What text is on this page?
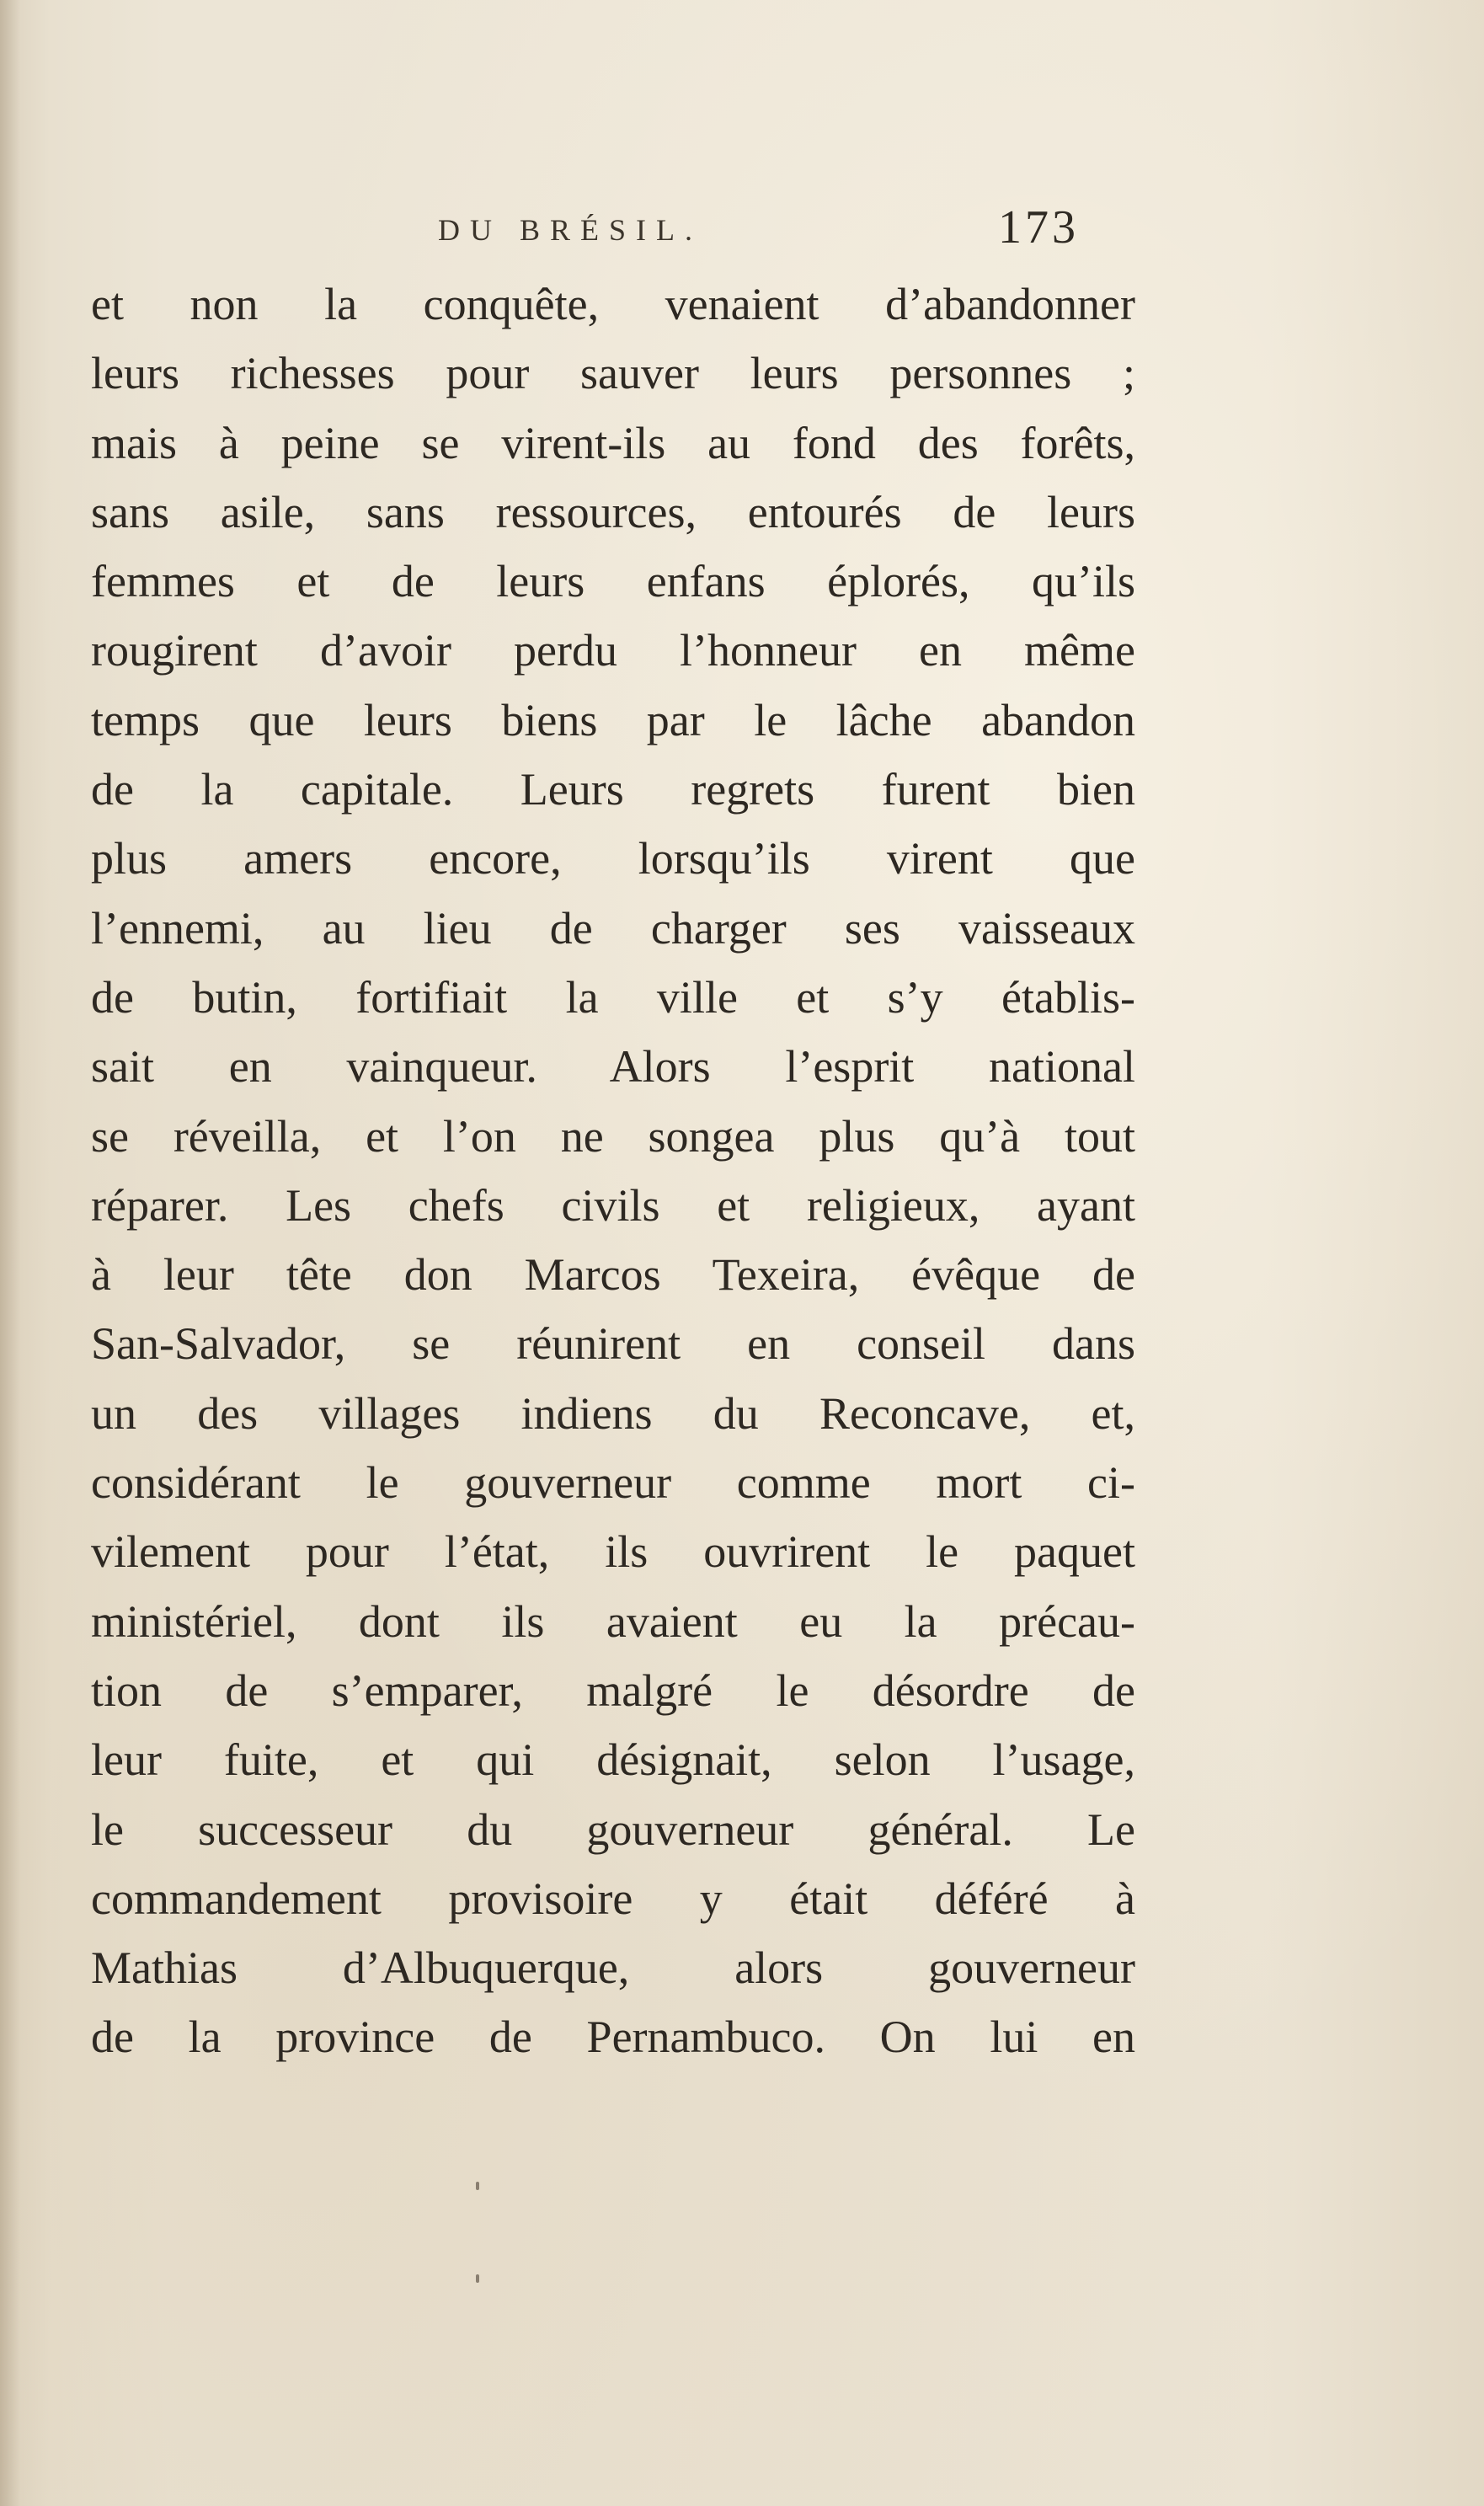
DU BRÉSIL.	173
et non la conquête, venaient d’abandonner
leurs richesses pour sauver leurs personnes ;
mais à peine se virent-ils au fond des forêts,
sans asile, sans ressources, entourés de leurs
femmes et de leurs enfans éplorés, qu’ils
rougirent d’avoir perdu l’honneur en même
temps que leurs biens par le lâche abandon
de la capitale. Leurs regrets furent bien
plus amers encore, lorsqu’ils virent que
l’ennemi, au lieu de charger ses vaisseaux
de butin, fortifiait la ville et s’y établis-
sait en vainqueur. Alors l’esprit national
se réveilla, et l’on ne songea plus qu’à tout
réparer. Les chefs civils et religieux, ayant
à leur tête don Marcos Texeira, évêque de
San-Salvador, se réunirent en conseil dans
un des villages indiens du Reconcave, et,
considérant le gouverneur comme mort ci-
vilement pour l’état, ils ouvrirent le paquet
ministériel, dont ils avaient eu la précau-
tion de s’emparer, malgré le désordre de
leur fuite, et qui désignait, selon l’usage,
le successeur du gouverneur général. Le
commandement provisoire y était déféré à
Mathias d’Albuquerque, alors gouverneur
de la province de Pernambuco. On lui en
